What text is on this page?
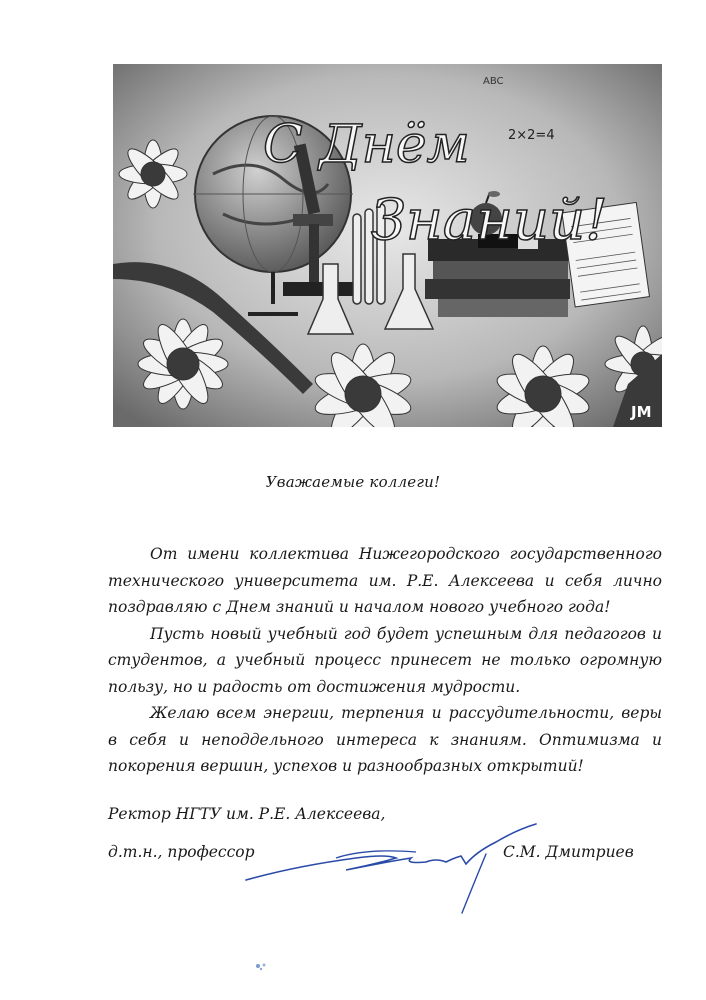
С Днём
Знаний!
2×2=4
ABC
JM
Уважаемые коллеги!

От имени коллектива Нижегородского государственного технического университета им. Р.Е. Алексеева и себя лично поздравляю с Днем знаний и началом нового учебного года!

Пусть новый учебный год будет успешным для педагогов и студентов, а учебный процесс принесет не только огромную пользу, но и радость от достижения мудрости.

Желаю всем энергии, терпения и рассудительности, веры в себя и неподдельного интереса к знаниям. Оптимизма и покорения вершин, успехов и разнообразных открытий!

Ректор НГТУ им. Р.Е. Алексеева,
д.т.н., профессор	С.М. Дмитриев
